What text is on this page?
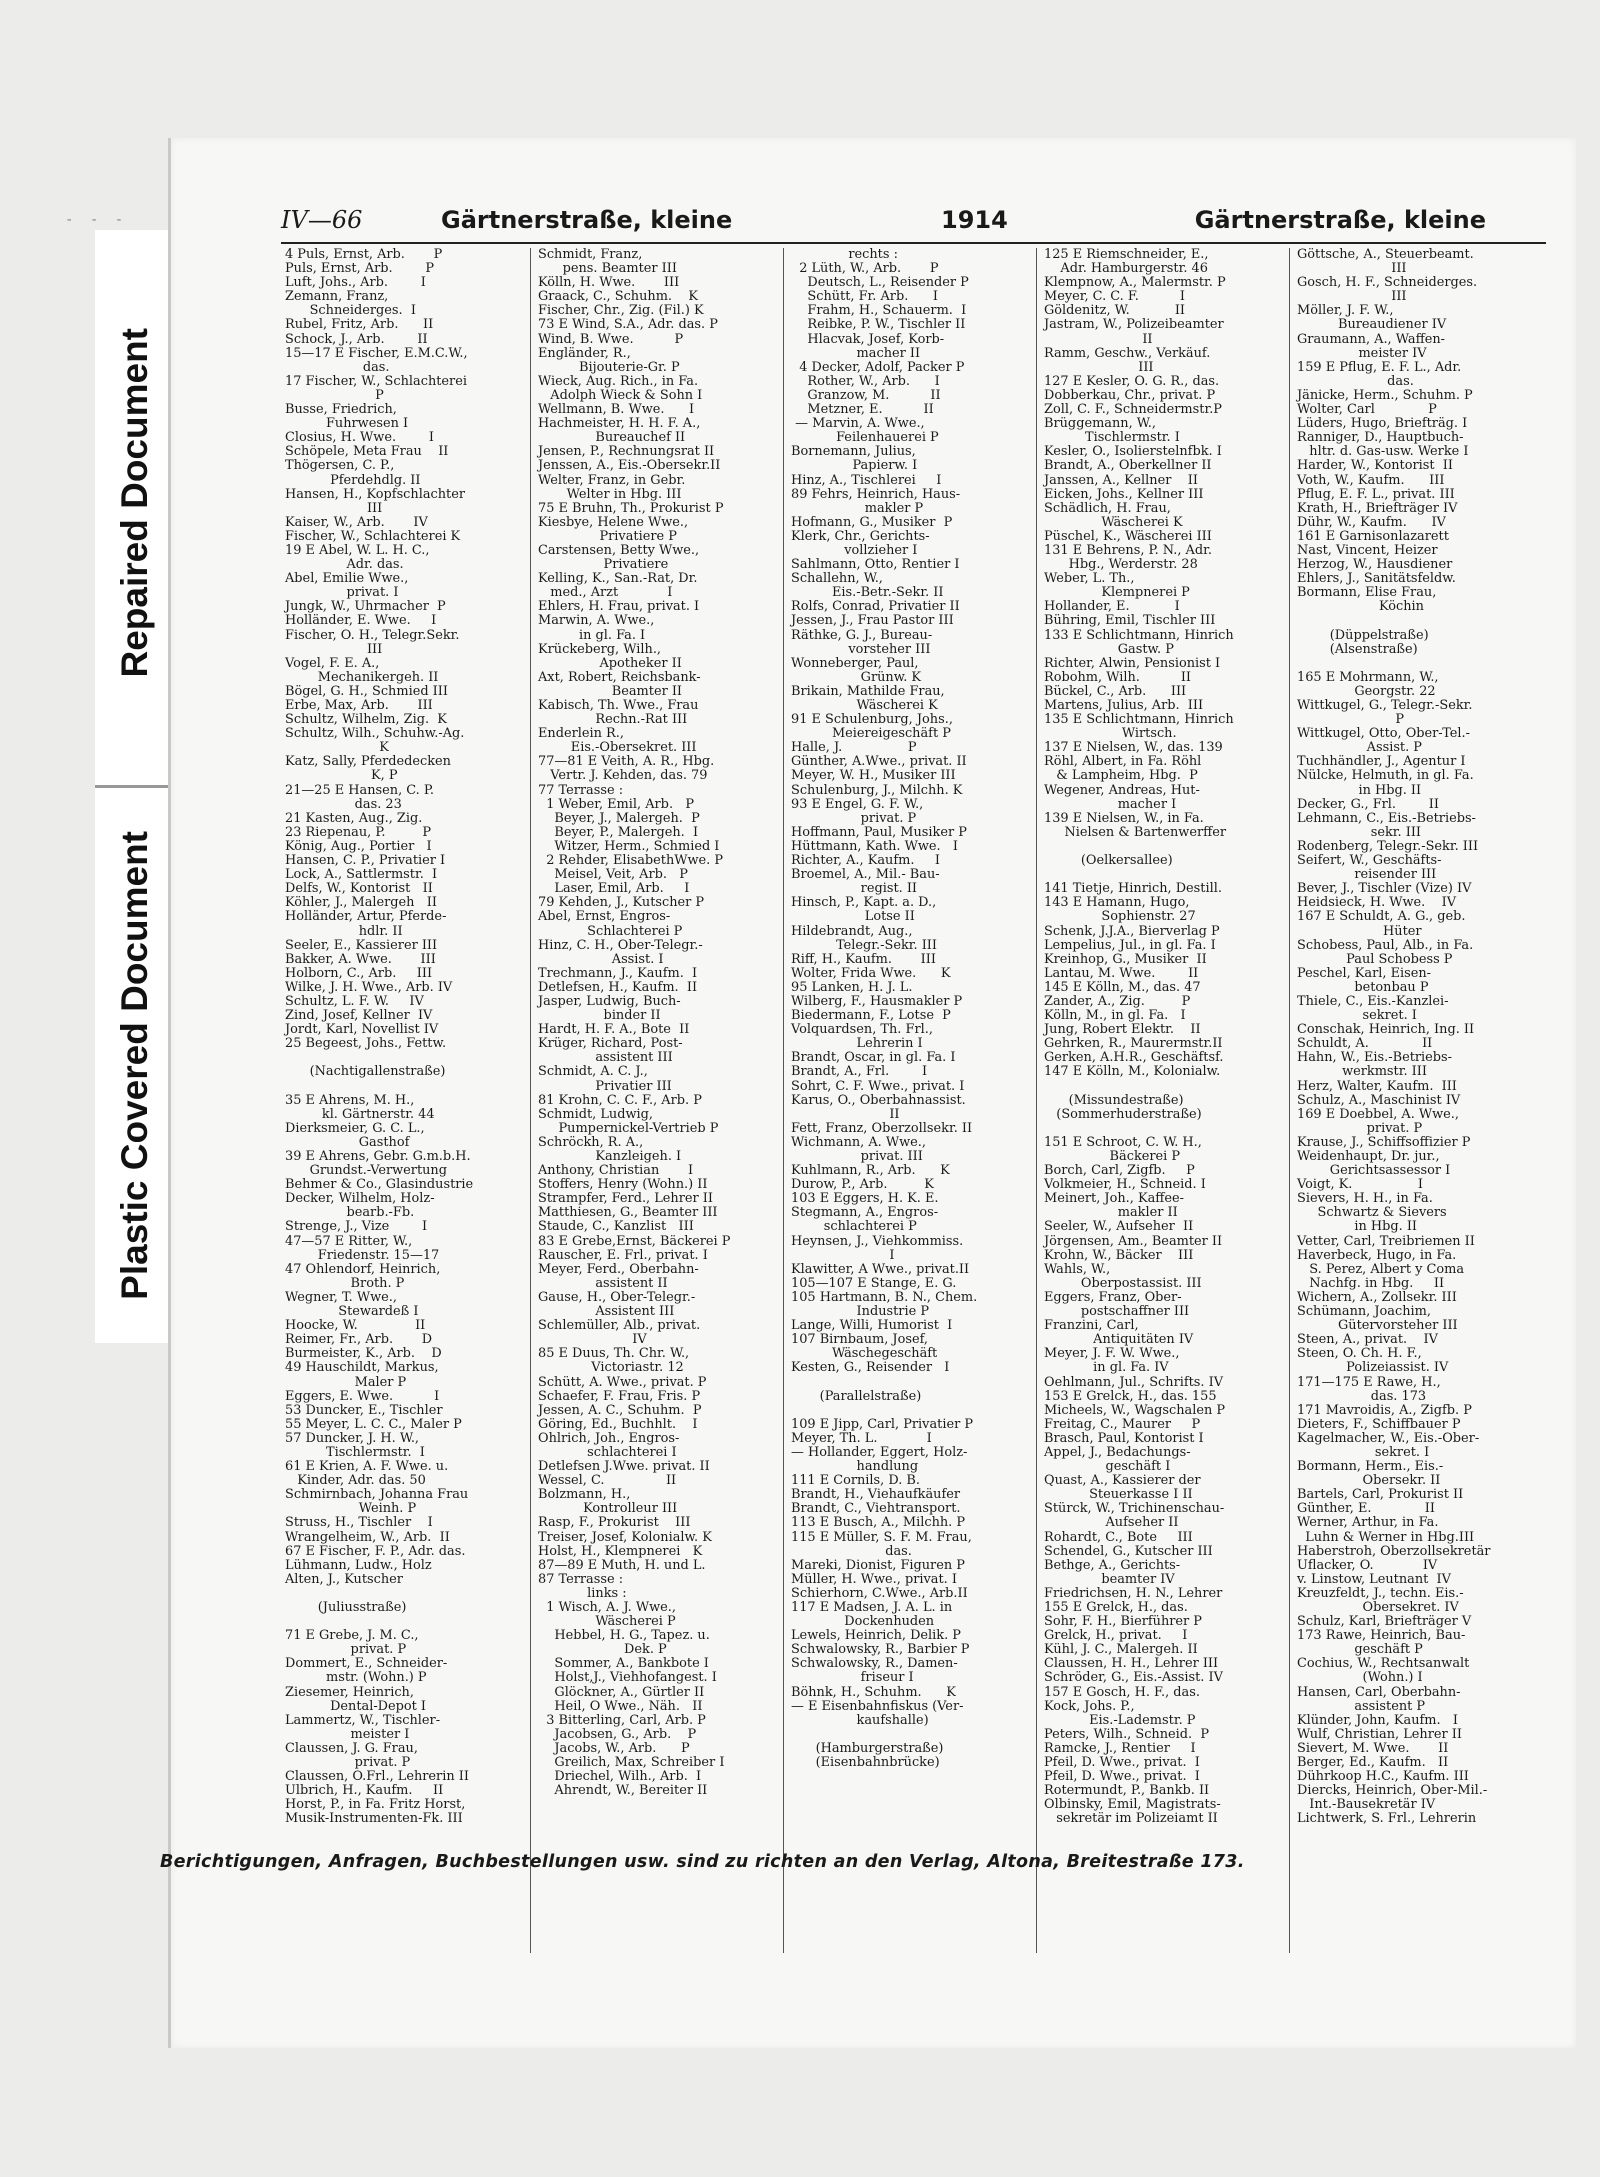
- - -
Repaired Document
Plastic Covered Document
IV—66	Gärtnerstraße, kleine	1914	Gärtnerstraße, kleine
4 Puls, Ernst, Arb.       P
Puls, Ernst, Arb.        P
Luft, Johs., Arb.        I
Zemann, Franz,
Schneiderges.  I
Rubel, Fritz, Arb.      II
Schock, J., Arb.        II
15—17 E Fischer, E.M.C.W.,
das.
17 Fischer, W., Schlachterei
P
Busse, Friedrich,
Fuhrwesen I
Closius, H. Wwe.        I
Schöpele, Meta Frau    II
Thögersen, C. P.,
Pferdehdlg. II
Hansen, H., Kopfschlachter
III
Kaiser, W., Arb.       IV
Fischer, W., Schlachterei K
19 E Abel, W. L. H. C.,
Adr. das.
Abel, Emilie Wwe.,
privat. I
Jungk, W., Uhrmacher  P
Holländer, E. Wwe.     I
Fischer, O. H., Telegr.Sekr.
III
Vogel, F. E. A.,
Mechanikergeh. II
Bögel, G. H., Schmied III
Erbe, Max, Arb.       III
Schultz, Wilhelm, Zig.  K
Schultz, Wilh., Schuhw.-Ag.
K
Katz, Sally, Pferdedecken
K, P
21—25 E Hansen, C. P.
das. 23
21 Kasten, Aug., Zig.
23 Riepenau, P.         P
König, Aug., Portier   I
Hansen, C. P., Privatier I
Lock, A., Sattlermstr.  I
Delfs, W., Kontorist   II
Köhler, J., Malergeh   II
Holländer, Artur, Pferde-
hdlr. II
Seeler, E., Kassierer III
Bakker, A. Wwe.       III
Holborn, C., Arb.     III
Wilke, J. H. Wwe., Arb. IV
Schultz, L. F. W.     IV
Zind, Josef, Kellner  IV
Jordt, Karl, Novellist IV
25 Begeest, Johs., Fettw.

(Nachtigallenstraße)

35 E Ahrens, M. H.,
kl. Gärtnerstr. 44
Dierksmeier, G. C. L.,
Gasthof
39 E Ahrens, Gebr. G.m.b.H.
Grundst.-Verwertung
Behmer & Co., Glasindustrie
Decker, Wilhelm, Holz-
bearb.-Fb.
Strenge, J., Vize        I
47—57 E Ritter, W.,
Friedenstr. 15—17
47 Ohlendorf, Heinrich,
Broth. P
Wegner, T. Wwe.,
Stewardeß I
Hoocke, W.              II
Reimer, Fr., Arb.       D
Burmeister, K., Arb.    D
49 Hauschildt, Markus,
Maler P
Eggers, E. Wwe.          I
53 Duncker, E., Tischler
55 Meyer, L. C. C., Maler P
57 Duncker, J. H. W.,
Tischlermstr.  I
61 E Krien, A. F. Wwe. u.
Kinder, Adr. das. 50
Schmirnbach, Johanna Frau
Weinh. P
Struss, H., Tischler    I
Wrangelheim, W., Arb.  II
67 E Fischer, F. P., Adr. das.
Lühmann, Ludw., Holz
Alten, J., Kutscher

(Juliusstraße)

71 E Grebe, J. M. C.,
privat. P
Dommert, E., Schneider-
mstr. (Wohn.) P
Ziesemer, Heinrich,
Dental-Depot I
Lammertz, W., Tischler-
meister I
Claussen, J. G. Frau,
privat. P
Claussen, O.Frl., Lehrerin II
Ulbrich, H., Kaufm.     II
Horst, P., in Fa. Fritz Horst,
Musik-Instrumenten-Fk. III
Schmidt, Franz,
pens. Beamter III
Kölln, H. Wwe.       III
Graack, C., Schuhm.    K
Fischer, Chr., Zig. (Fil.) K
73 E Wind, S.A., Adr. das. P
Wind, B. Wwe.          P
Engländer, R.,
Bijouterie-Gr. P
Wieck, Aug. Rich., in Fa.
Adolph Wieck & Sohn I
Wellmann, B. Wwe.      I
Hachmeister, H. H. F. A.,
Bureauchef II
Jensen, P., Rechnungsrat II
Jenssen, A., Eis.-Obersekr.II
Welter, Franz, in Gebr.
Welter in Hbg. III
75 E Bruhn, Th., Prokurist P
Kiesbye, Helene Wwe.,
Privatiere P
Carstensen, Betty Wwe.,
Privatiere
Kelling, K., San.-Rat, Dr.
med., Arzt            I
Ehlers, H. Frau, privat. I
Marwin, A. Wwe.,
in gl. Fa. I
Krückeberg, Wilh.,
Apotheker II
Axt, Robert, Reichsbank-
Beamter II
Kabisch, Th. Wwe., Frau
Rechn.-Rat III
Enderlein R.,
Eis.-Obersekret. III
77—81 E Veith, A. R., Hbg.
Vertr. J. Kehden, das. 79
77 Terrasse :
1 Weber, Emil, Arb.   P
Beyer, J., Malergeh.  P
Beyer, P., Malergeh.  I
Witzer, Herm., Schmied I
2 Rehder, ElisabethWwe. P
Meisel, Veit, Arb.   P
Laser, Emil, Arb.     I
79 Kehden, J., Kutscher P
Abel, Ernst, Engros-
Schlachterei P
Hinz, C. H., Ober-Telegr.-
Assist. I
Trechmann, J., Kaufm.  I
Detlefsen, H., Kaufm.  II
Jasper, Ludwig, Buch-
binder II
Hardt, H. F. A., Bote  II
Krüger, Richard, Post-
assistent III
Schmidt, A. C. J.,
Privatier III
81 Krohn, C. C. F., Arb. P
Schmidt, Ludwig,
Pumpernickel-Vertrieb P
Schröckh, R. A.,
Kanzleigeh. I
Anthony, Christian       I
Stoffers, Henry (Wohn.) II
Strampfer, Ferd., Lehrer II
Matthiesen, G., Beamter III
Staude, C., Kanzlist   III
83 E Grebe,Ernst, Bäckerei P
Rauscher, E. Frl., privat. I
Meyer, Ferd., Oberbahn-
assistent II
Gause, H., Ober-Telegr.-
Assistent III
Schlemüller, Alb., privat.
IV
85 E Duus, Th. Chr. W.,
Victoriastr. 12
Schütt, A. Wwe., privat. P
Schaefer, F. Frau, Fris. P
Jessen, A. C., Schuhm.  P
Göring, Ed., Buchhlt.    I
Ohlrich, Joh., Engros-
schlachterei I
Detlefsen J.Wwe. privat. II
Wessel, C.               II
Bolzmann, H.,
Kontrolleur III
Rasp, F., Prokurist    III
Treiser, Josef, Kolonialw. K
Holst, H., Klempnerei   K
87—89 E Muth, H. und L.
87 Terrasse :
links :
1 Wisch, A. J. Wwe.,
Wäscherei P
Hebbel, H. G., Tapez. u.
Dek. P
Sommer, A., Bankbote I
Holst,J., Viehhofangest. I
Glöckner, A., Gürtler II
Heil, O Wwe., Näh.   II
3 Bitterling, Carl, Arb. P
Jacobsen, G., Arb.    P
Jacobs, W., Arb.      P
Greilich, Max, Schreiber I
Driechel, Wilh., Arb.  I
Ahrendt, W., Bereiter II
rechts :
2 Lüth, W., Arb.       P
Deutsch, L., Reisender P
Schütt, Fr. Arb.      I
Frahm, H., Schauerm.  I
Reibke, P. W., Tischler II
Hlacvak, Josef, Korb-
macher II
4 Decker, Adolf, Packer P
Rother, W., Arb.      I
Granzow, M.          II
Metzner, E.          II
— Marvin, A. Wwe.,
Feilenhauerei P
Bornemann, Julius,
Papierw. I
Hinz, A., Tischlerei     I
89 Fehrs, Heinrich, Haus-
makler P
Hofmann, G., Musiker  P
Klerk, Chr., Gerichts-
vollzieher I
Sahlmann, Otto, Rentier I
Schallehn, W.,
Eis.-Betr.-Sekr. II
Rolfs, Conrad, Privatier II
Jessen, J., Frau Pastor III
Räthke, G. J., Bureau-
vorsteher III
Wonneberger, Paul,
Grünw. K
Brikain, Mathilde Frau,
Wäscherei K
91 E Schulenburg, Johs.,
Meiereigeschäft P
Halle, J.                P
Günther, A.Wwe., privat. II
Meyer, W. H., Musiker III
Schulenburg, J., Milchh. K
93 E Engel, G. F. W.,
privat. P
Hoffmann, Paul, Musiker P
Hüttmann, Kath. Wwe.   I
Richter, A., Kaufm.     I
Broemel, A., Mil.- Bau-
regist. II
Hinsch, P., Kapt. a. D.,
Lotse II
Hildebrandt, Aug.,
Telegr.-Sekr. III
Riff, H., Kaufm.       III
Wolter, Frida Wwe.      K
95 Lanken, H. J. L.
Wilberg, F., Hausmakler P
Biedermann, F., Lotse  P
Volquardsen, Th. Frl.,
Lehrerin I
Brandt, Oscar, in gl. Fa. I
Brandt, A., Frl.        I
Sohrt, C. F. Wwe., privat. I
Karus, O., Oberbahnassist.
II
Fett, Franz, Oberzollsekr. II
Wichmann, A. Wwe.,
privat. III
Kuhlmann, R., Arb.      K
Durow, P., Arb.         K
103 E Eggers, H. K. E.
Stegmann, A., Engros-
schlachterei P
Heynsen, J., Viehkommiss.
I
Klawitter, A Wwe., privat.II
105—107 E Stange, E. G.
105 Hartmann, B. N., Chem.
Industrie P
Lange, Willi, Humorist  I
107 Birnbaum, Josef,
Wäschegeschäft
Kesten, G., Reisender   I

(Parallelstraße)

109 E Jipp, Carl, Privatier P
Meyer, Th. L.            I
— Hollander, Eggert, Holz-
handlung
111 E Cornils, D. B.
Brandt, H., Viehaufkäufer
Brandt, C., Viehtransport.
113 E Busch, A., Milchh. P
115 E Müller, S. F. M. Frau,
das.
Mareki, Dionist, Figuren P
Müller, H. Wwe., privat. I
Schierhorn, C.Wwe., Arb.II
117 E Madsen, J. A. L. in
Dockenhuden
Lewels, Heinrich, Delik. P
Schwalowsky, R., Barbier P
Schwalowsky, R., Damen-
friseur I
Böhnk, H., Schuhm.      K
— E Eisenbahnfiskus (Ver-
kaufshalle)

(Hamburgerstraße)
(Eisenbahnbrücke)
125 E Riemschneider, E.,
Adr. Hamburgerstr. 46
Klempnow, A., Malermstr. P
Meyer, C. C. F.          I
Göldenitz, W.           II
Jastram, W., Polizeibeamter
II
Ramm, Geschw., Verkäuf.
III
127 E Kesler, O. G. R., das.
Dobberkau, Chr., privat. P
Zoll, C. F., Schneidermstr.P
Brüggemann, W.,
Tischlermstr. I
Kesler, O., Isolierstelnfbk. I
Brandt, A., Oberkellner II
Janssen, A., Kellner    II
Eicken, Johs., Kellner III
Schädlich, H. Frau,
Wäscherei K
Püschel, K., Wäscherei III
131 E Behrens, P. N., Adr.
Hbg., Werderstr. 28
Weber, L. Th.,
Klempnerei P
Hollander, E.           I
Bühring, Emil, Tischler III
133 E Schlichtmann, Hinrich
Gastw. P
Richter, Alwin, Pensionist I
Robohm, Wilh.          II
Bückel, C., Arb.      III
Martens, Julius, Arb.  III
135 E Schlichtmann, Hinrich
Wirtsch.
137 E Nielsen, W., das. 139
Röhl, Albert, in Fa. Röhl
& Lampheim, Hbg.  P
Wegener, Andreas, Hut-
macher I
139 E Nielsen, W., in Fa.
Nielsen & Bartenwerffer

(Oelkersallee)

141 Tietje, Hinrich, Destill.
143 E Hamann, Hugo,
Sophienstr. 27
Schenk, J.J.A., Bierverlag P
Lempelius, Jul., in gl. Fa. I
Kreinhop, G., Musiker  II
Lantau, M. Wwe.        II
145 E Kölln, M., das. 47
Zander, A., Zig.         P
Kölln, M., in gl. Fa.   I
Jung, Robert Elektr.    II
Gehrken, R., Maurermstr.II
Gerken, A.H.R., Geschäftsf.
147 E Kölln, M., Kolonialw.

(Missundestraße)
(Sommerhuderstraße)

151 E Schroot, C. W. H.,
Bäckerei P
Borch, Carl, Zigfb.     P
Volkmeier, H., Schneid. I
Meinert, Joh., Kaffee-
makler II
Seeler, W., Aufseher  II
Jörgensen, Am., Beamter II
Krohn, W., Bäcker    III
Wahls, W.,
Oberpostassist. III
Eggers, Franz, Ober-
postschaffner III
Franzini, Carl,
Antiquitäten IV
Meyer, J. F. W. Wwe.,
in gl. Fa. IV
Oehlmann, Jul., Schrifts. IV
153 E Grelck, H., das. 155
Micheels, W., Wagschalen P
Freitag, C., Maurer     P
Brasch, Paul, Kontorist I
Appel, J., Bedachungs-
geschäft I
Quast, A., Kassierer der
Steuerkasse I II
Stürck, W., Trichinenschau-
Aufseher II
Rohardt, C., Bote     III
Schendel, G., Kutscher III
Bethge, A., Gerichts-
beamter IV
Friedrichsen, H. N., Lehrer
155 E Grelck, H., das.
Sohr, F. H., Bierführer P
Grelck, H., privat.     I
Kühl, J. C., Malergeh. II
Claussen, H. H., Lehrer III
Schröder, G., Eis.-Assist. IV
157 E Gosch, H. F., das.
Kock, Johs. P.,
Eis.-Lademstr. P
Peters, Wilh., Schneid.  P
Ramcke, J., Rentier     I
Pfeil, D. Wwe., privat.  I
Pfeil, D. Wwe., privat.  I
Rotermundt, P., Bankb. II
Olbinsky, Emil, Magistrats-
sekretär im Polizeiamt II
Göttsche, A., Steuerbeamt.
III
Gosch, H. F., Schneiderges.
III
Möller, J. F. W.,
Bureaudiener IV
Graumann, A., Waffen-
meister IV
159 E Pflug, E. F. L., Adr.
das.
Jänicke, Herm., Schuhm. P
Wolter, Carl             P
Lüders, Hugo, Briefträg. I
Ranniger, D., Hauptbuch-
hltr. d. Gas-usw. Werke I
Harder, W., Kontorist  II
Voth, W., Kaufm.      III
Pflug, E. F. L., privat. III
Krath, H., Briefträger IV
Dühr, W., Kaufm.      IV
161 E Garnisonlazarett
Nast, Vincent, Heizer
Herzog, W., Hausdiener
Ehlers, J., Sanitätsfeldw.
Bormann, Elise Frau,
Köchin

(Düppelstraße)
(Alsenstraße)

165 E Mohrmann, W.,
Georgstr. 22
Wittkugel, G., Telegr.-Sekr.
P
Wittkugel, Otto, Ober-Tel.-
Assist. P
Tuchhändler, J., Agentur I
Nülcke, Helmuth, in gl. Fa.
in Hbg. II
Decker, G., Frl.        II
Lehmann, C., Eis.-Betriebs-
sekr. III
Rodenberg, Telegr.-Sekr. III
Seifert, W., Geschäfts-
reisender III
Bever, J., Tischler (Vize) IV
Heidsieck, H. Wwe.    IV
167 E Schuldt, A. G., geb.
Hüter
Schobess, Paul, Alb., in Fa.
Paul Schobess P
Peschel, Karl, Eisen-
betonbau P
Thiele, C., Eis.-Kanzlei-
sekret. I
Conschak, Heinrich, Ing. II
Schuldt, A.             II
Hahn, W., Eis.-Betriebs-
werkmstr. III
Herz, Walter, Kaufm.  III
Schulz, A., Maschinist IV
169 E Doebbel, A. Wwe.,
privat. P
Krause, J., Schiffsoffizier P
Weidenhaupt, Dr. jur.,
Gerichtsassessor I
Voigt, K.                I
Sievers, H. H., in Fa.
Schwartz & Sievers
in Hbg. II
Vetter, Carl, Treibriemen II
Haverbeck, Hugo, in Fa.
S. Perez, Albert y Coma
Nachfg. in Hbg.     II
Wichern, A., Zollsekr. III
Schümann, Joachim,
Gütervorsteher III
Steen, A., privat.    IV
Steen, O. Ch. H. F.,
Polizeiassist. IV
171—175 E Rawe, H.,
das. 173
171 Mavroidis, A., Zigfb. P
Dieters, F., Schiffbauer P
Kagelmacher, W., Eis.-Ober-
sekret. I
Bormann, Herm., Eis.-
Obersekr. II
Bartels, Carl, Prokurist II
Günther, E.             II
Werner, Arthur, in Fa.
Luhn & Werner in Hbg.III
Haberstroh, Oberzollsekretär
Uflacker, O.            IV
v. Linstow, Leutnant  IV
Kreuzfeldt, J., techn. Eis.-
Obersekret. IV
Schulz, Karl, Briefträger V
173 Rawe, Heinrich, Bau-
geschäft P
Cochius, W., Rechtsanwalt
(Wohn.) I
Hansen, Carl, Oberbahn-
assistent P
Klünder, John, Kaufm.   I
Wulf, Christian, Lehrer II
Sievert, M. Wwe.       II
Berger, Ed., Kaufm.   II
Dührkoop H.C., Kaufm. III
Diercks, Heinrich, Ober-Mil.-
Int.-Bausekretär IV
Lichtwerk, S. Frl., Lehrerin
Berichtigungen, Anfragen, Buchbestellungen usw. sind zu richten an den Verlag, Altona, Breitestraße 173.
